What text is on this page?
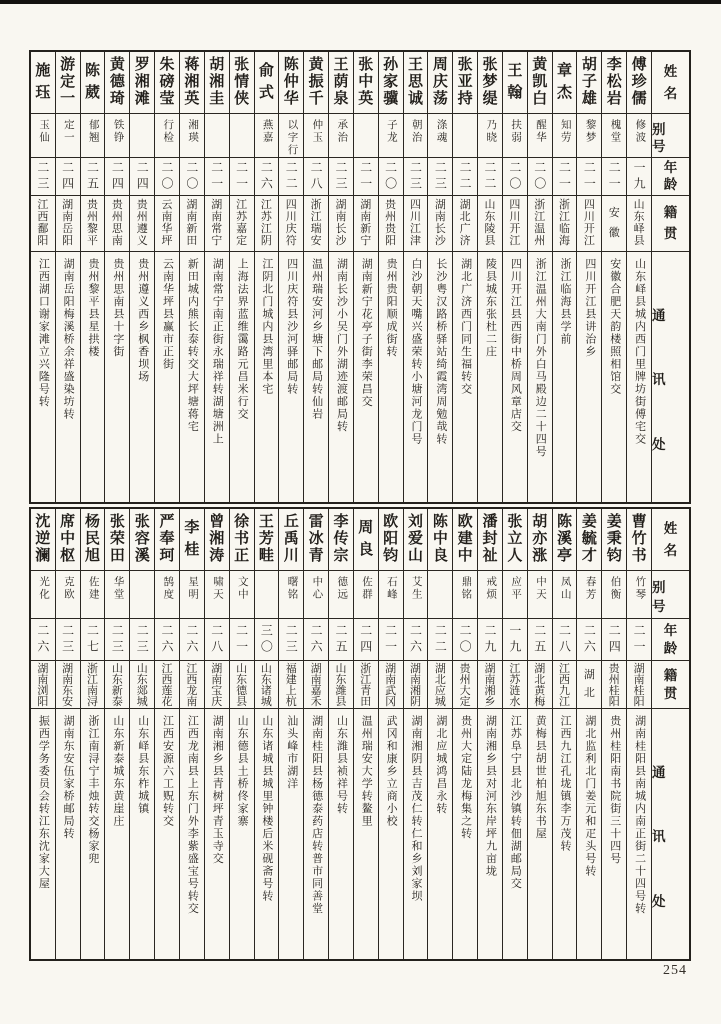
姓
名
别
号
年
龄
籍
贯
通
讯
处
傅
珍
儒
修波
一九
山
东
峄
县
山东峄县城内西门里牌坊街傅宅交
李
松
岩
槐堂
二一
安
徽
安徽合肥天韵楼照相馆交
胡
子
雄
黎梦
二一
四
川
开
江
四川开江县讲治乡
章
杰
知劳
二一
浙
江
临
海
浙江临海县学前
黄
凯
白
醒华
二〇
浙
江
温
州
浙江温州大南门外白马殿边二十四号
王
翰
扶弱
二〇
四
川
开
江
四川开江县西街中桥周风章店交
张
梦
缇
乃晓
二二
山
东
陵
县
陵县城东张杜二庄
张
亚
持
二二
湖
北
广
济
湖北广济西门同生福转交
周
庆
荡
涤魂
二三
湖
南
长
沙
长沙粤汉路桥驿站绮霞湾周勉哉转
王
思
诚
朝治
二三
四
川
江
津
白沙朝天嘴兴盛荣转小塘河龙门号
孙
家
骥
子龙
二〇
贵
州
贵
阳
贵州贵阳顺成街转
张
中
英
二一
湖
南
新
宁
湖南新宁花亭子街李荣昌交
王
荫
泉
承治
二三
湖
南
长
沙
湖南长沙小吴门外湖迹渡邮局转
黄
振
千
仲玉
二八
浙
江
瑞
安
温州瑞安河乡塘下邮局转仙岩
陈
仲
华
以字行
二二
四
川
庆
符
四川庆符县沙河驿邮局转
俞
式
燕嘉
二六
江
苏
江
阴
江阴北门城内县湾里本宅
张
情
侠
二一
江
苏
嘉
定
上海法界蓝维霭路元昌米行交
胡
湘
圭
二一
湖
南
常
宁
湖南常宁南正街永瑞祥转湖塘洲上
蒋
湘
英
湘瑛
二〇
湖
南
新
田
新田城内熊长泰转交大坪塘蒋宅
朱
磅
莹
行检
二〇
云
南
华
坪
云南华坪县赢市正街
罗
湘
滩
二四
贵
州
遵
义
贵州遵义西乡枫香坝场
黄
德
琦
铁铮
二四
贵
州
思
南
贵州思南县十字街
陈
葳
郁翘
二五
贵
州
黎
平
贵州黎平县星拱楼
游
定
一
定一
二四
湖
南
岳
阳
湖南岳阳梅溪桥余祥盛染坊转
施
珏
玉仙
二三
江
西
鄱
阳
江西湖口谢家滩立兴隆号转
姓
名
别
号
年
龄
籍
贯
通
讯
处
曹
竹
书
竹琴
二一
湖
南
桂
阳
湖南桂阳县南城内南正街二十四号转
姜
秉
钧
伯衡
二四
贵
州
桂
阳
贵州桂阳南书院街三十四号
姜
毓
才
春芳
二六
湖
北
湖北监利北门姜元和疋头号转
陈
溪
亭
凤山
二八
江
西
九
江
江西九江孔垅镇李万茂转
胡
亦
涨
中天
二五
湖
北
黄
梅
黄梅县胡世柏旭东书屋
张
立
人
应平
一九
江
苏
涟
水
江苏阜宁县北沙镇转佃湖邮局交
潘
封
祉
戒烦
二九
湖
南
湘
乡
湖南湘乡县对河东岸坪九亩垅
欧
建
中
鼎铭
二〇
贵
州
大
定
贵州大定陆龙梅集之转
陈
中
良
二二
湖
北
应
城
湖北应城鸿昌永转
刘
爱
山
艾生
二六
湖
南
湘
阴
湖南湘阴县吉茂仁转仁和乡刘家坝
欧
阳
钧
石峰
二一
湖
南
武
冈
武冈和康乡立商小校
周
良
佐群
二四
浙
江
青
田
温州瑞安大学转鳌里
李
传
宗
德远
二五
山
东
潍
县
山东潍县祯祥号转
雷
冰
青
中心
二六
湖
南
嘉
禾
湖南桂阳县杨德泰药店转普市同善堂
丘
禹
川
曙铭
二三
福
建
上
杭
汕头峰市湖洋
王
芳
畦
三〇
山
东
诸
城
山东诸城县城里钟楼后米砚斋号转
徐
书
正
文中
二一
山
东
德
县
山东德县土桥佟家寨
曾
湘
涛
啸天
二八
湖
南
宝
庆
湖南湘乡县青树坪青玉寺交
李
桂
星明
二六
江
西
龙
南
江西龙南县上东门外李紫盛宝号转交
严
奉
珂
鹄度
二六
江
西
莲
花
江西安源六工贶转交
张
容
溪
二三
山
东
郯
城
山东峄县东柞城镇
张
荣
田
华堂
二三
山
东
新
泰
山东新泰城东黄崖庄
杨
民
旭
佐建
二七
浙
江
南
浔
浙江南浔宁丰烛转交杨家兜
席
中
枢
克欧
二三
湖
南
东
安
湖南东安伍家桥邮局转
沈
逆
澜
光化
二六
湖
南
浏
阳
振西学务委员会转江东沈家大屋
254
